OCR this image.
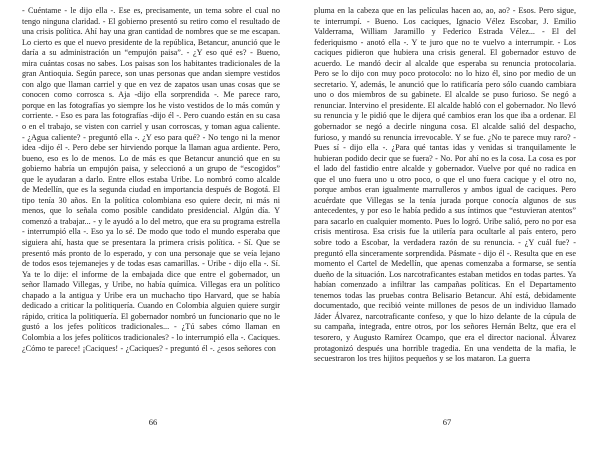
- Cuéntame - le dijo ella -. Ese es, precisamente, un tema sobre el cual no tengo ninguna claridad. - El gobierno presentó su retiro como el resultado de una crisis política. Ahí hay una gran cantidad de nombres que se me escapan. Lo cierto es que el nuevo presidente de la república, Betancur, anunció que le daría a su administración un “empujón paisa”. - ¿Y eso qué es? - Bueno, mira cuántas cosas no sabes. Los paisas son los habitantes tradicionales de la gran Antioquia. Según parece, son unas personas que andan siempre vestidos con algo que llaman carriel y que en vez de zapatos usan unas cosas que se conocen como corrosca s. Aja -dijo ella sorprendida -. Me parece raro, porque en las fotografías yo siempre los he visto vestidos de lo más común y corriente. - Eso es para las fotografías -dijo él -. Pero cuando están en su casa o en el trabajo, se visten con carriel y usan corroscas, y toman agua caliente. - ¿Agua caliente? - preguntó ella -. ¿Y eso para qué? - No tengo ni la menor idea -dijo él -. Pero debe ser hirviendo porque la llaman agua ardiente. Pero, bueno, eso es lo de menos. Lo de más es que Betancur anunció que en su gobierno habría un empujón paisa, y seleccionó a un grupo de “escogidos” que le ayudaran a darlo. Entre ellos estaba Uribe. Lo nombró como alcalde de Medellín, que es la segunda ciudad en importancia después de Bogotá. El tipo tenía 30 años. En la política colombiana eso quiere decir, ni más ni menos, que lo señala como posible candidato presidencial. Algún día. Y comenzó a trabajar... - y le ayudó a lo del metro, que era su programa estrella - interrumpió ella -. Eso ya lo sé. De modo que todo el mundo esperaba que siguiera ahí, hasta que se presentara la primera crisis política. - Sí. Que se presentó más pronto de lo esperado, y con una personaje que se veía lejano de todos esos tejemanejes y de todas esas camarillas. - Uribe - dijo ella -. Sí. Ya te lo dije: el informe de la embajada dice que entre el gobernador, un señor llamado Villegas, y Uribe, no había química. Villegas era un político chapado a la antigua y Uribe era un muchacho tipo Harvard, que se había dedicado a criticar la politiquería. Cuando en Colombia alguien quiere surgir rápido, critica la politiquería. El gobernador nombró un funcionario que no le gustó a los jefes políticos tradicionales... - ¿Tú sabes cómo llaman en Colombia a los jefes políticos tradicionales? - lo interrumpió ella -. Caciques. ¿Cómo te parece! ¡Caciques! - ¿Caciques? - preguntó él -. ¿esos señores con

66

pluma en la cabeza que en las películas hacen ao, ao, ao? - Esos. Pero sigue, te interrumpí. - Bueno. Los caciques, Ignacio Vélez Escobar, J. Emilio Valderrama, William Jaramillo y Federico Estrada Vélez... - El del federiquismo - anotó ella -. Y te juro que no te vuelvo a interrumpir. - Los caciques pidieron que hubiera una crisis general. El gobernador estuvo de acuerdo. Le mandó decir al alcalde que esperaba su renuncia protocolaria. Pero se lo dijo con muy poco protocolo: no lo hizo él, sino por medio de un secretario. Y, además, le anunció que lo ratificaría pero sólo cuando cambiara uno o dos miembros de su gabinete. El alcalde se puso furioso. Se negó a renunciar. Intervino el presidente. El alcalde habló con el gobernador. No llevó su renuncia y le pidió que le dijera qué cambios eran los que iba a ordenar. El gobernador se negó a decirle ninguna cosa. El alcalde salió del despacho, furioso, y mandó su renuncia irrevocable. Y se fue. ¿No te parece muy raro? - Pues sí - dijo ella -. ¿Para qué tantas idas y venidas si tranquilamente le hubieran podido decir que se fuera? - No. Por ahí no es la cosa. La cosa es por el lado del fastidio entre alcalde y gobernador. Vuelve por qué no radica en que el uno fuera uno u otro poco, o que el uno fuera cacique y el otro no, porque ambos eran igualmente marrulleros y ambos igual de caciques. Pero acuérdate que Villegas se la tenía jurada porque conocía algunos de sus antecedentes, y por eso le había pedido a sus íntimos que “estuvieran atentos” para sacarlo en cualquier momento. Pues lo logró. Uribe salió, pero no por esa crisis mentirosa. Esa crisis fue la utilería para ocultarle al país entero, pero sobre todo a Escobar, la verdadera razón de su renuncia. - ¿Y cuál fue? - preguntó ella sinceramente sorprendida. Pásmate - dijo él -. Resulta que en ese momento el Cartel de Medellín, que apenas comenzaba a formarse, se sentía dueño de la situación. Los narcotraficantes estaban metidos en todas partes. Ya habían comenzado a infiltrar las campañas políticas. En el Departamento tenemos todas las pruebas contra Belisario Betancur. Ahí está, debidamente documentado, que recibió veinte millones de pesos de un individuo llamado Jáder Álvarez, narcotraficante confeso, y que lo hizo delante de la cúpula de su campaña, integrada, entre otros, por los señores Hernán Beltz, que era el tesorero, y Augusto Ramírez Ocampo, que era el director nacional. Álvarez protagonizó después una horrible tragedia. En una vendetta de la mafia, le secuestraron los tres hijitos pequeños y se los mataron. La guerra

67
